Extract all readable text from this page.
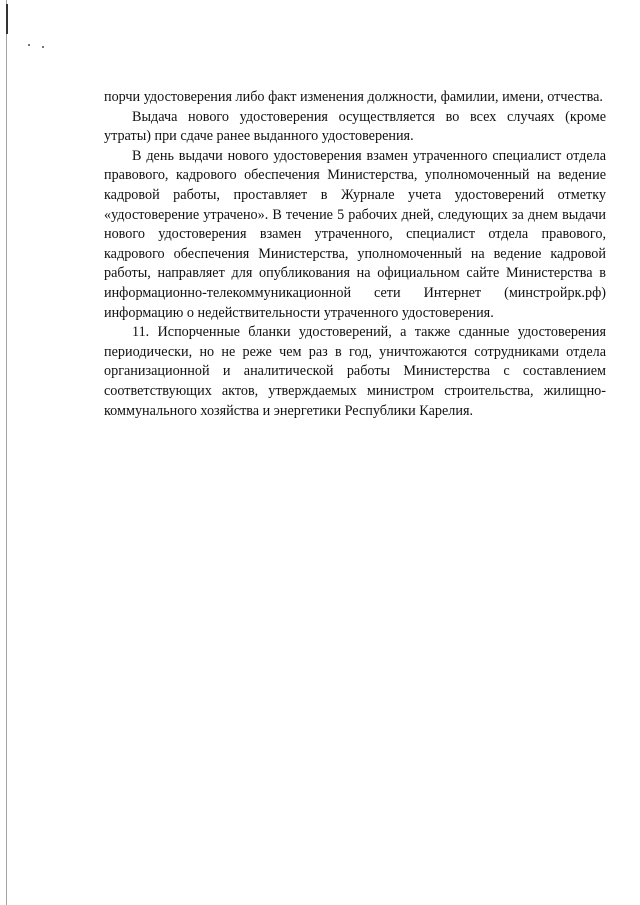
порчи удостоверения либо факт изменения должности, фамилии, имени, отчества.

Выдача нового удостоверения осуществляется во всех случаях (кроме утраты) при сдаче ранее выданного удостоверения.

В день выдачи нового удостоверения взамен утраченного специалист отдела правового, кадрового обеспечения Министерства, уполномоченный на ведение кадровой работы, проставляет в Журнале учета удостоверений отметку «удостоверение утрачено». В течение 5 рабочих дней, следующих за днем выдачи нового удостоверения взамен утраченного, специалист отдела правового, кадрового обеспечения Министерства, уполномоченный на ведение кадровой работы, направляет для опубликования на официальном сайте Министерства в информационно-телекоммуникационной сети Интернет (минстройрк.рф) информацию о недействительности утраченного удостоверения.

11. Испорченные бланки удостоверений, а также сданные удостоверения периодически, но не реже чем раз в год, уничтожаются сотрудниками отдела организационной и аналитической работы Министерства с составлением соответствующих актов, утверждаемых министром строительства, жилищно-коммунального хозяйства и энергетики Республики Карелия.
